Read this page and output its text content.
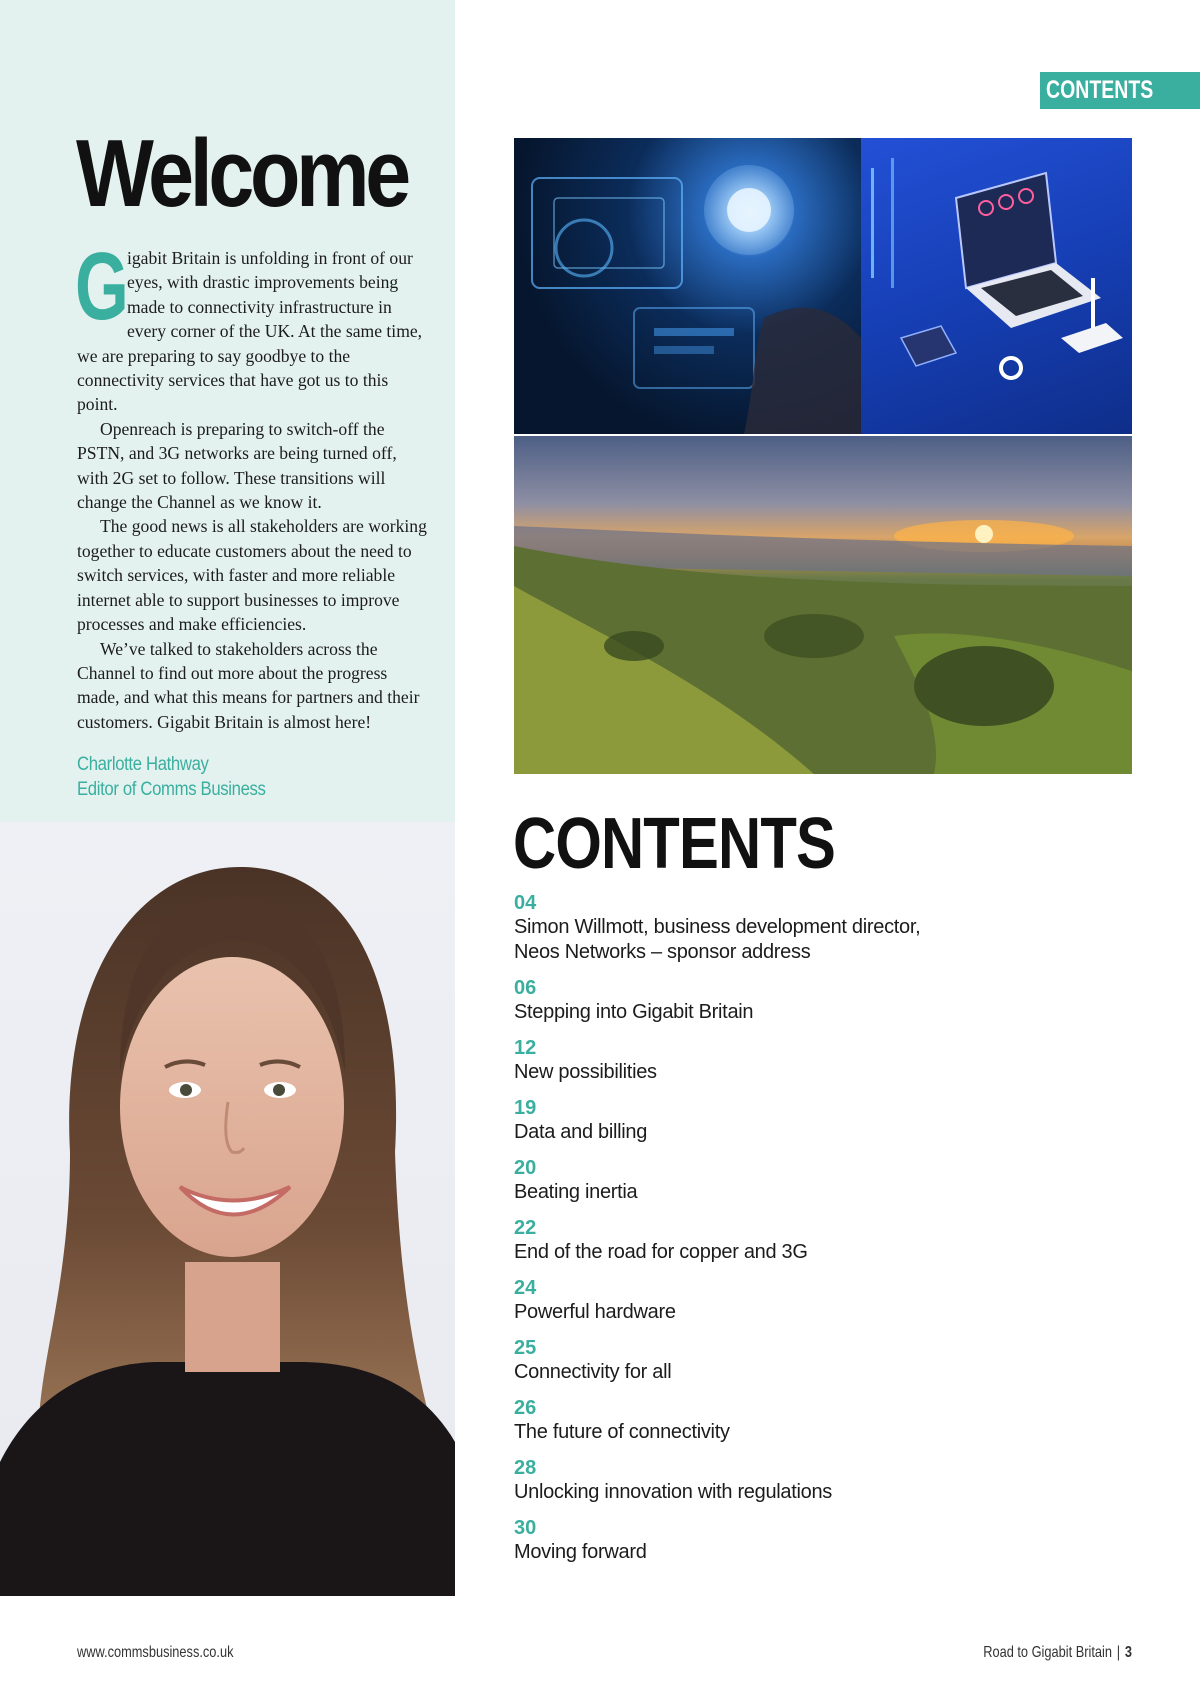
Welcome

G
igabit Britain is unfolding in front of our eyes, with drastic improvements being made to connectivity infrastructure in every corner of the UK. At the same time, we are preparing to say goodbye to the connectivity services that have got us to this point.

Openreach is preparing to switch-off the PSTN, and 3G networks are being turned off, with 2G set to follow. These transitions will change the Channel as we know it.

The good news is all stakeholders are working together to educate customers about the need to switch services, with faster and more reliable internet able to support businesses to improve processes and make efficiencies.

We’ve talked to stakeholders across the Channel to find out more about the progress made, and what this means for partners and their customers. Gigabit Britain is almost here!

Charlotte Hathway
Editor of Comms Business
CONTENTS
CONTENTS
04
Simon Willmott, business development director,
Neos Networks – sponsor address
06
Stepping into Gigabit Britain
12
New possibilities
19
Data and billing
20
Beating inertia
22
End of the road for copper and 3G
24
Powerful hardware
25
Connectivity for all
26
The future of connectivity
28
Unlocking innovation with regulations
30
Moving forward
www.commsbusiness.co.uk	Road to Gigabit Britain | 3
